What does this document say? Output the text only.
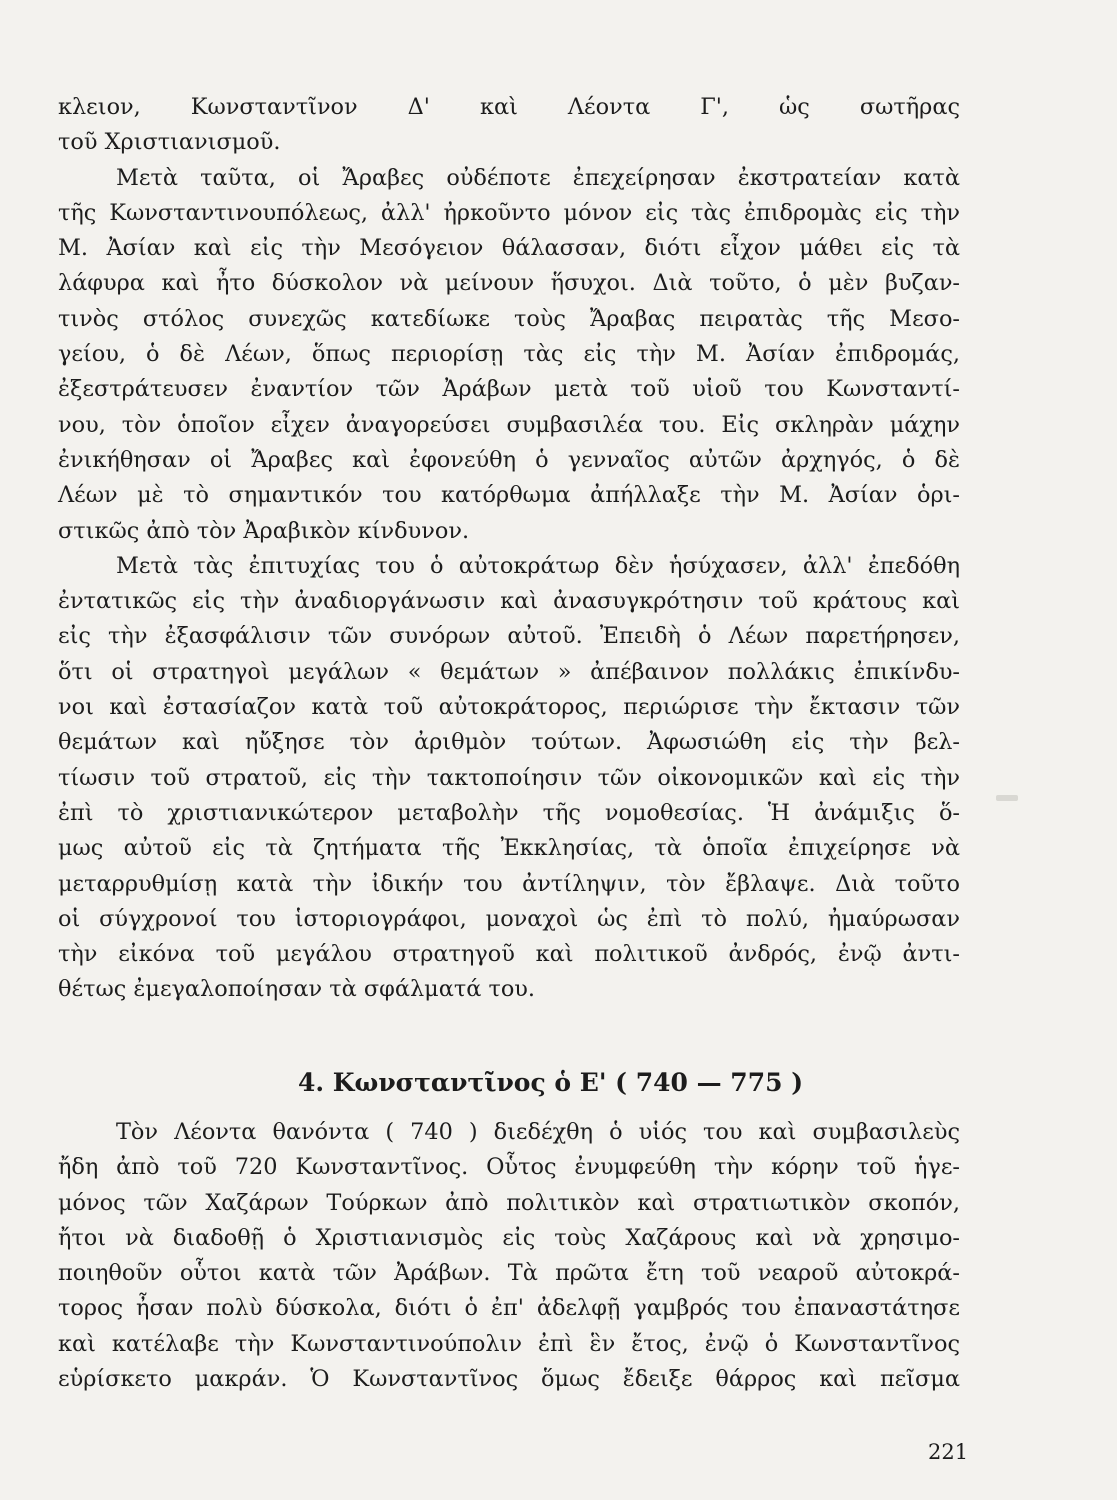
κλειον, Κωνσταντῖνον Δ' καὶ Λέοντα Γ', ὡς σωτῆρας
τοῦ Χριστιανισμοῦ.
Μετὰ ταῦτα, οἱ Ἄραβες οὐδέποτε ἐπεχείρησαν ἐκστρατείαν κατὰ
τῆς Κωνσταντινουπόλεως, ἀλλ' ἠρκοῦντο μόνον εἰς τὰς ἐπιδρομὰς εἰς τὴν
Μ. Ἀσίαν καὶ εἰς τὴν Μεσόγειον θάλασσαν, διότι εἶχον μάθει εἰς τὰ
λάφυρα καὶ ἦτο δύσκολον νὰ μείνουν ἥσυχοι. Διὰ τοῦτο, ὁ μὲν βυζαν-
τινὸς στόλος συνεχῶς κατεδίωκε τοὺς Ἄραβας πειρατὰς τῆς Μεσο-
γείου, ὁ δὲ Λέων, ὅπως περιορίσῃ τὰς εἰς τὴν Μ. Ἀσίαν ἐπιδρομάς,
ἐξεστράτευσεν ἐναντίον τῶν Ἀράβων μετὰ τοῦ υἱοῦ του Κωνσταντί-
νου, τὸν ὁποῖον εἶχεν ἀναγορεύσει συμβασιλέα του. Εἰς σκληρὰν μάχην
ἐνικήθησαν οἱ Ἄραβες καὶ ἐφονεύθη ὁ γενναῖος αὐτῶν ἀρχηγός, ὁ δὲ
Λέων μὲ τὸ σημαντικόν του κατόρθωμα ἀπήλλαξε τὴν Μ. Ἀσίαν ὁρι-
στικῶς ἀπὸ τὸν Ἀραβικὸν κίνδυνον.
Μετὰ τὰς ἐπιτυχίας του ὁ αὐτοκράτωρ δὲν ἡσύχασεν, ἀλλ' ἐπεδόθη
ἐντατικῶς εἰς τὴν ἀναδιοργάνωσιν καὶ ἀνασυγκρότησιν τοῦ κράτους καὶ
εἰς τὴν ἐξασφάλισιν τῶν συνόρων αὐτοῦ. Ἐπειδὴ ὁ Λέων παρετήρησεν,
ὅτι οἱ στρατηγοὶ μεγάλων « θεμάτων » ἀπέβαινον πολλάκις ἐπικίνδυ-
νοι καὶ ἐστασίαζον κατὰ τοῦ αὐτοκράτορος, περιώρισε τὴν ἔκτασιν τῶν
θεμάτων καὶ ηὔξησε τὸν ἀριθμὸν τούτων. Ἀφωσιώθη εἰς τὴν βελ-
τίωσιν τοῦ στρατοῦ, εἰς τὴν τακτοποίησιν τῶν οἰκονομικῶν καὶ εἰς τὴν
ἐπὶ τὸ χριστιανικώτερον μεταβολὴν τῆς νομοθεσίας. Ἡ ἀνάμιξις ὅ-
μως αὐτοῦ εἰς τὰ ζητήματα τῆς Ἐκκλησίας, τὰ ὁποῖα ἐπιχείρησε νὰ
μεταρρυθμίσῃ κατὰ τὴν ἰδικήν του ἀντίληψιν, τὸν ἔβλαψε. Διὰ τοῦτο
οἱ σύγχρονοί του ἱστοριογράφοι, μοναχοὶ ὡς ἐπὶ τὸ πολύ, ἠμαύρωσαν
τὴν εἰκόνα τοῦ μεγάλου στρατηγοῦ καὶ πολιτικοῦ ἀνδρός, ἐνῷ ἀντι-
θέτως ἐμεγαλοποίησαν τὰ σφάλματά του.
4. Κωνσταντῖνος ὁ Ε' ( 740 — 775 )
Τὸν Λέοντα θανόντα ( 740 ) διεδέχθη ὁ υἱός του καὶ συμβασιλεὺς
ἤδη ἀπὸ τοῦ 720 Κωνσταντῖνος. Οὗτος ἐνυμφεύθη τὴν κόρην τοῦ ἡγε-
μόνος τῶν Χαζάρων Τούρκων ἀπὸ πολιτικὸν καὶ στρατιωτικὸν σκοπόν,
ἤτοι νὰ διαδοθῇ ὁ Χριστιανισμὸς εἰς τοὺς Χαζάρους καὶ νὰ χρησιμο-
ποιηθοῦν οὗτοι κατὰ τῶν Ἀράβων. Τὰ πρῶτα ἔτη τοῦ νεαροῦ αὐτοκρά-
τορος ἦσαν πολὺ δύσκολα, διότι ὁ ἐπ' ἀδελφῇ γαμβρός του ἐπαναστάτησε
καὶ κατέλαβε τὴν Κωνσταντινούπολιν ἐπὶ ἓν ἔτος, ἐνῷ ὁ Κωνσταντῖνος
εὑρίσκετο μακράν. Ὁ Κωνσταντῖνος ὅμως ἔδειξε θάρρος καὶ πεῖσμα
221
